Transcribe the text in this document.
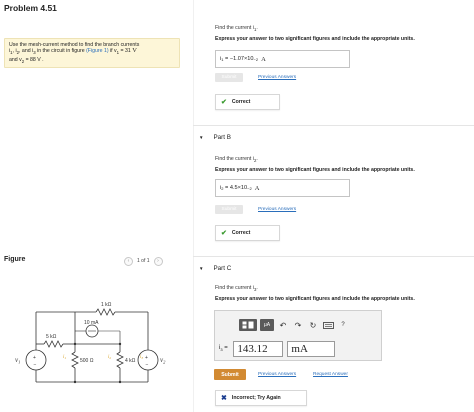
Problem 4.51
Use the mesh-current method to find the branch currents
$i_1$, $i_2$, and $i_3$ in the circuit in figure (Figure 1) if $v_1 = 31$ V
and $v_2 = 88$ V .
Figure	‹	1 of 1	›
+
−
+
−
1 kΩ
5 kΩ
10 mA
500 Ω	4 kΩ
$v_1$	$v_2$
$i_1$	$i_2$	$i_3$
Find the current $i_1$.
Express your answer to two significant figures and include the appropriate units.
i 1 = −1.07×10 −2 A
Submit	Previous Answers
✔ Correct
▼ Part B
Find the current $i_2$.
Express your answer to two significant figures and include the appropriate units.
i 2 = 4.5×10 −2 A
Submit	Previous Answers
✔ Correct
▼ Part C
Find the current $i_3$.
Express your answer to two significant figures and include the appropriate units.
μA	↶	↷	↻	?
$i_3 = 143.12$	mA
Submit	Previous Answers	Request Answer
✖ Incorrect; Try Again
